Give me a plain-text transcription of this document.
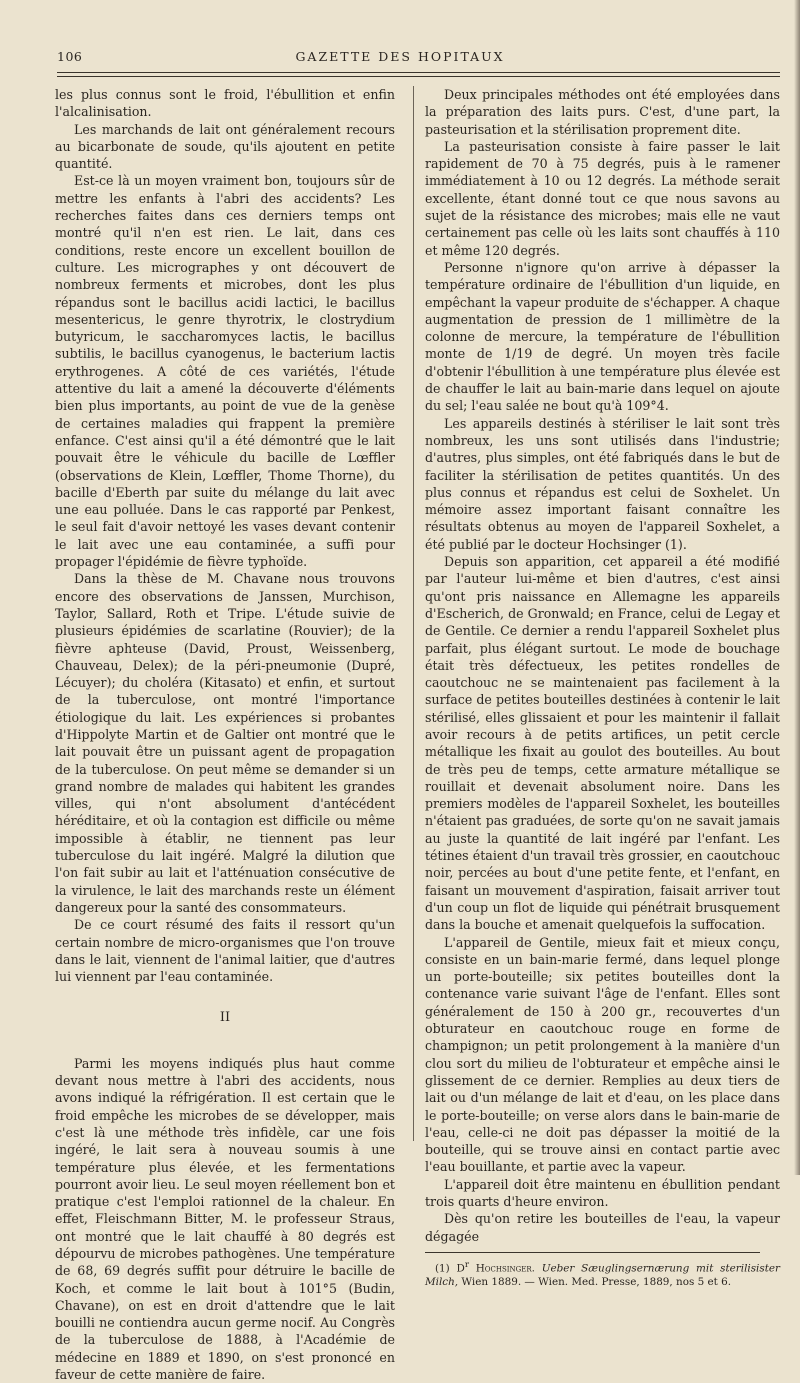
106	GAZETTE DES HOPITAUX

les plus connus sont le froid, l'ébullition et enfin l'alcalinisation.

Les marchands de lait ont généralement recours au bicarbonate de soude, qu'ils ajoutent en petite quantité.

Est-ce là un moyen vraiment bon, toujours sûr de mettre les enfants à l'abri des accidents? Les recherches faites dans ces derniers temps ont montré qu'il n'en est rien. Le lait, dans ces conditions, reste encore un excellent bouillon de culture. Les micrographes y ont découvert de nombreux ferments et microbes, dont les plus répandus sont le bacillus acidi lactici, le bacillus mesentericus, le genre thyrotrix, le clostrydium butyricum, le saccharomyces lactis, le bacillus subtilis, le bacillus cyanogenus, le bacterium lactis erythrogenes. A côté de ces variétés, l'étude attentive du lait a amené la découverte d'éléments bien plus importants, au point de vue de la genèse de certaines maladies qui frappent la première enfance. C'est ainsi qu'il a été démontré que le lait pouvait être le véhicule du bacille de Lœffler (observations de Klein, Lœffler, Thome Thorne), du bacille d'Eberth par suite du mélange du lait avec une eau polluée. Dans le cas rapporté par Penkest, le seul fait d'avoir nettoyé les vases devant contenir le lait avec une eau contaminée, a suffi pour propager l'épidémie de fièvre typhoïde.

Dans la thèse de M. Chavane nous trouvons encore des observations de Janssen, Murchison, Taylor, Sallard, Roth et Tripe. L'étude suivie de plusieurs épidémies de scarlatine (Rouvier); de la fièvre aphteuse (David, Proust, Weissenberg, Chauveau, Delex); de la péri-pneumonie (Dupré, Lécuyer); du choléra (Kitasato) et enfin, et surtout de la tuberculose, ont montré l'importance étiologique du lait. Les expériences si probantes d'Hippolyte Martin et de Galtier ont montré que le lait pouvait être un puissant agent de propagation de la tuberculose. On peut même se demander si un grand nombre de malades qui habitent les grandes villes, qui n'ont absolument d'antécédent héréditaire, et où la contagion est difficile ou même impossible à établir, ne tiennent pas leur tuberculose du lait ingéré. Malgré la dilution que l'on fait subir au lait et l'atténuation consécutive de la virulence, le lait des marchands reste un élément dangereux pour la santé des consommateurs.

De ce court résumé des faits il ressort qu'un certain nombre de micro-organismes que l'on trouve dans le lait, viennent de l'animal laitier, que d'autres lui viennent par l'eau contaminée.

II

Parmi les moyens indiqués plus haut comme devant nous mettre à l'abri des accidents, nous avons indiqué la réfrigération. Il est certain que le froid empêche les microbes de se développer, mais c'est là une méthode très infidèle, car une fois ingéré, le lait sera à nouveau soumis à une température plus élevée, et les fermentations pourront avoir lieu. Le seul moyen réellement bon et pratique c'est l'emploi rationnel de la chaleur. En effet, Fleischmann Bitter, M. le professeur Straus, ont montré que le lait chauffé à 80 degrés est dépourvu de microbes pathogènes. Une température de 68, 69 degrés suffit pour détruire le bacille de Koch, et comme le lait bout à 101°5 (Budin, Chavane), on est en droit d'attendre que le lait bouilli ne contiendra aucun germe nocif. Au Congrès de la tuberculose de 1888, à l'Académie de médecine en 1889 et 1890, on s'est prononcé en faveur de cette manière de faire.

Deux principales méthodes ont été employées dans la préparation des laits purs. C'est, d'une part, la pasteurisation et la stérilisation proprement dite.

La pasteurisation consiste à faire passer le lait rapidement de 70 à 75 degrés, puis à le ramener immédiatement à 10 ou 12 degrés. La méthode serait excellente, étant donné tout ce que nous savons au sujet de la résistance des microbes; mais elle ne vaut certainement pas celle où les laits sont chauffés à 110 et même 120 degrés.

Personne n'ignore qu'on arrive à dépasser la température ordinaire de l'ébullition d'un liquide, en empêchant la vapeur produite de s'échapper. A chaque augmentation de pression de 1 millimètre de la colonne de mercure, la température de l'ébullition monte de 1/19 de degré. Un moyen très facile d'obtenir l'ébullition à une température plus élevée est de chauffer le lait au bain-marie dans lequel on ajoute du sel; l'eau salée ne bout qu'à 109°4.

Les appareils destinés à stériliser le lait sont très nombreux, les uns sont utilisés dans l'industrie; d'autres, plus simples, ont été fabriqués dans le but de faciliter la stérilisation de petites quantités. Un des plus connus et répandus est celui de Soxhelet. Un mémoire assez important faisant connaître les résultats obtenus au moyen de l'appareil Soxhelet, a été publié par le docteur Hochsinger (1).

Depuis son apparition, cet appareil a été modifié par l'auteur lui-même et bien d'autres, c'est ainsi qu'ont pris naissance en Allemagne les appareils d'Escherich, de Gronwald; en France, celui de Legay et de Gentile. Ce dernier a rendu l'appareil Soxhelet plus parfait, plus élégant surtout. Le mode de bouchage était très défectueux, les petites rondelles de caoutchouc ne se maintenaient pas facilement à la surface de petites bouteilles destinées à contenir le lait stérilisé, elles glissaient et pour les maintenir il fallait avoir recours à de petits artifices, un petit cercle métallique les fixait au goulot des bouteilles. Au bout de très peu de temps, cette armature métallique se rouillait et devenait absolument noire. Dans les premiers modèles de l'appareil Soxhelet, les bouteilles n'étaient pas graduées, de sorte qu'on ne savait jamais au juste la quantité de lait ingéré par l'enfant. Les tétines étaient d'un travail très grossier, en caoutchouc noir, percées au bout d'une petite fente, et l'enfant, en faisant un mouvement d'aspiration, faisait arriver tout d'un coup un flot de liquide qui pénétrait brusquement dans la bouche et amenait quelquefois la suffocation.

L'appareil de Gentile, mieux fait et mieux conçu, consiste en un bain-marie fermé, dans lequel plonge un porte-bouteille; six petites bouteilles dont la contenance varie suivant l'âge de l'enfant. Elles sont généralement de 150 à 200 gr., recouvertes d'un obturateur en caoutchouc rouge en forme de champignon; un petit prolongement à la manière d'un clou sort du milieu de l'obturateur et empêche ainsi le glissement de ce dernier. Remplies au deux tiers de lait ou d'un mélange de lait et d'eau, on les place dans le porte-bouteille; on verse alors dans le bain-marie de l'eau, celle-ci ne doit pas dépasser la moitié de la bouteille, qui se trouve ainsi en contact partie avec l'eau bouillante, et partie avec la vapeur.

L'appareil doit être maintenu en ébullition pendant trois quarts d'heure environ.

Dès qu'on retire les bouteilles de l'eau, la vapeur dégagée

(1) $D^r$ Hochsinger. Ueber Sæuglingsernærung mit sterilisister Milch, Wien 1889. — Wien. Med. Presse, 1889, nos 5 et 6.
